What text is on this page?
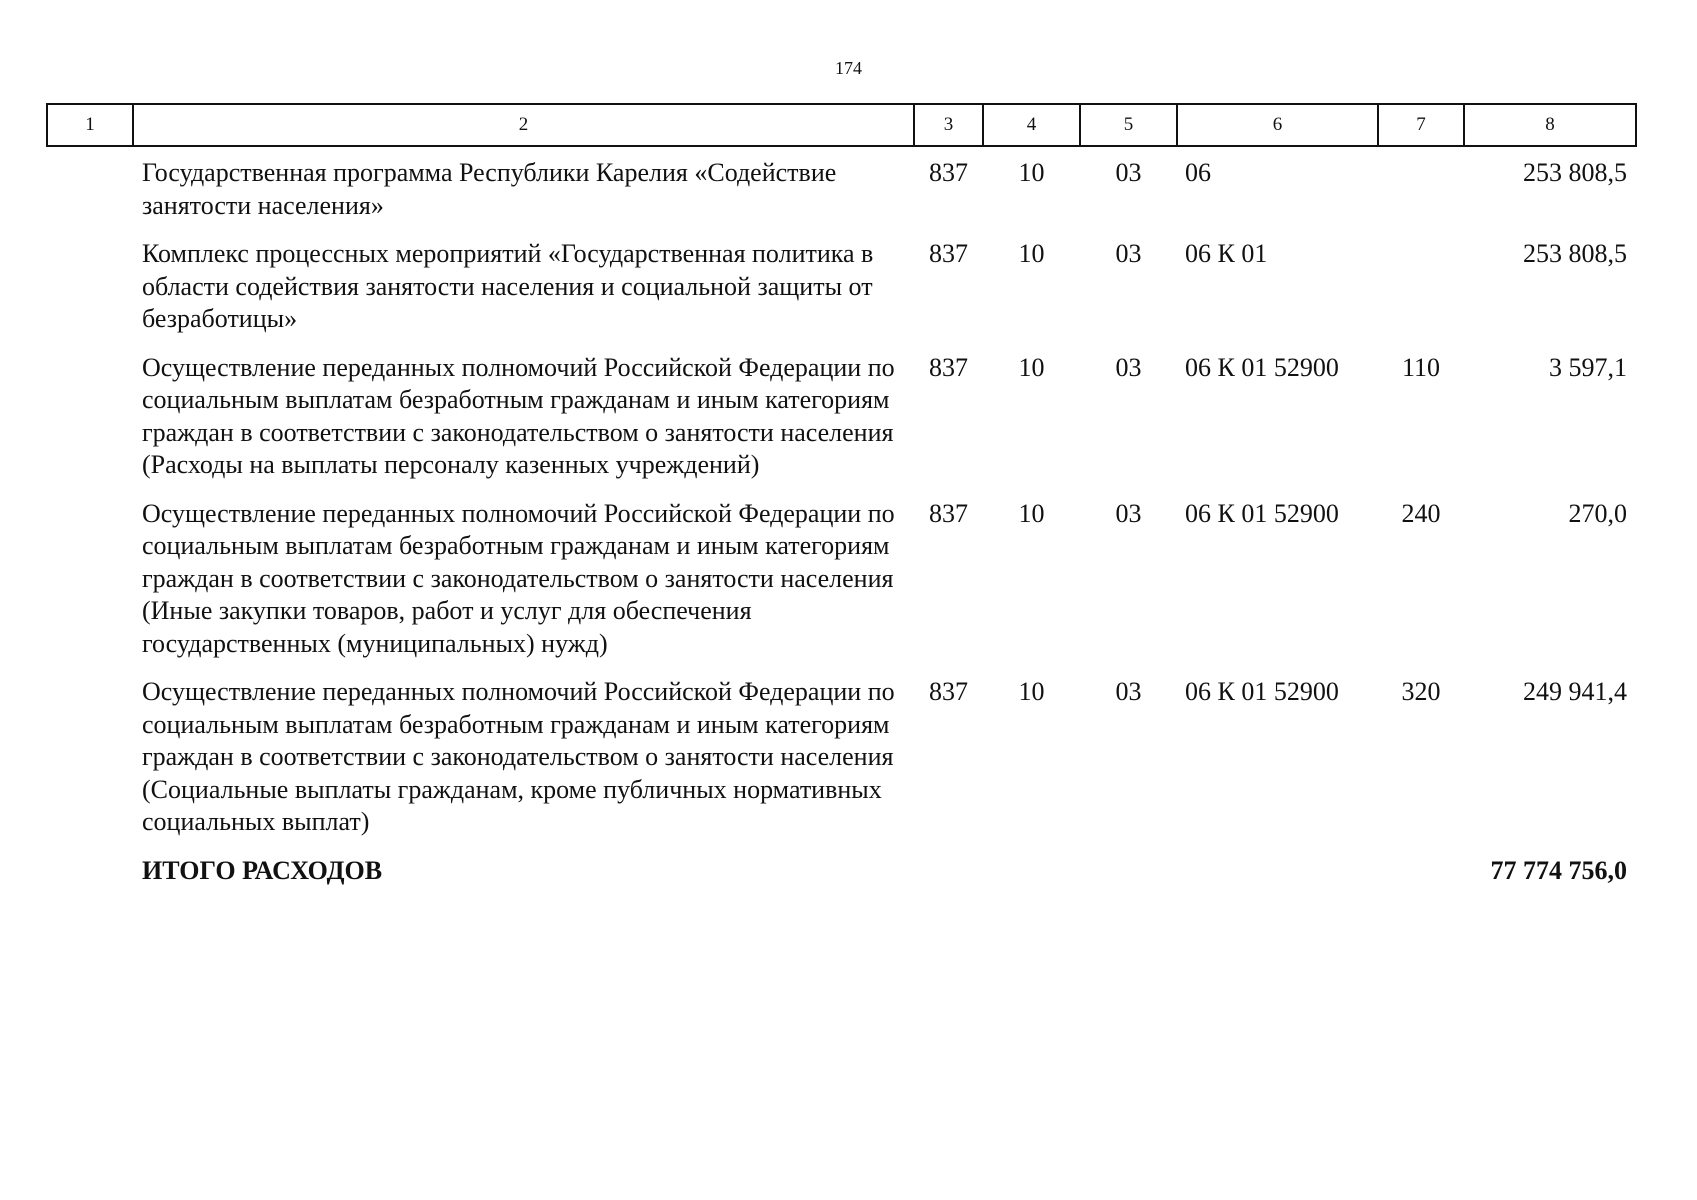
174
1	2	3	4	5	6	7	8
	Государственная программа Республики Карелия «Содействие занятости населения»	837	10	03	06		253 808,5
	Комплекс процессных мероприятий «Государственная политика в области содействия занятости населения и социальной защиты от безработицы»	837	10	03	06 К 01		253 808,5
	Осуществление переданных полномочий Российской Федерации по социальным выплатам безработным гражданам и иным категориям граждан в соответствии с законодательством о занятости населения (Расходы на выплаты персоналу казенных учреждений)	837	10	03	06 К 01 52900	110	3 597,1
	Осуществление переданных полномочий Российской Федерации по социальным выплатам безработным гражданам и иным категориям граждан в соответствии с законодательством о занятости населения (Иные закупки товаров, работ и услуг для обеспечения государственных (муниципальных) нужд)	837	10	03	06 К 01 52900	240	270,0
	Осуществление переданных полномочий Российской Федерации по социальным выплатам безработным гражданам и иным категориям граждан в соответствии с законодательством о занятости населения (Социальные выплаты гражданам, кроме публичных нормативных социальных выплат)	837	10	03	06 К 01 52900	320	249 941,4
	ИТОГО РАСХОДОВ						77 774 756,0
